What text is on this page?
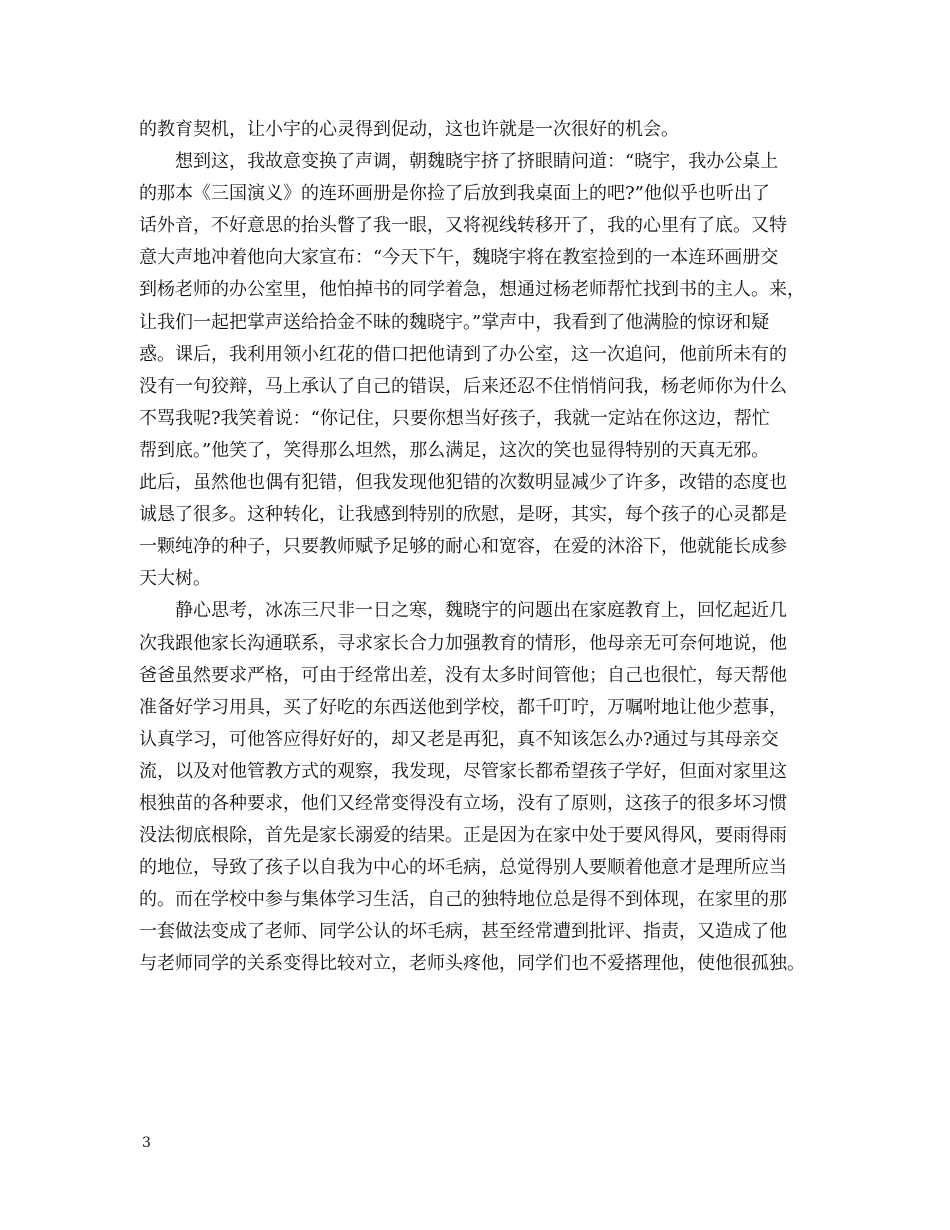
的教育契机，让小宇的心灵得到促动，这也许就是一次很好的机会。
想到这，我故意变换了声调，朝魏晓宇挤了挤眼睛问道：“晓宇，我办公桌上
的那本《三国演义》的连环画册是你捡了后放到我桌面上的吧?”他似乎也听出了
话外音，不好意思的抬头瞥了我一眼，又将视线转移开了，我的心里有了底。又特
意大声地冲着他向大家宣布：“今天下午，魏晓宇将在教室捡到的一本连环画册交
到杨老师的办公室里，他怕掉书的同学着急，想通过杨老师帮忙找到书的主人。来，
让我们一起把掌声送给拾金不昧的魏晓宇。”掌声中，我看到了他满脸的惊讶和疑
惑。课后，我利用领小红花的借口把他请到了办公室，这一次追问，他前所未有的
没有一句狡辩，马上承认了自己的错误，后来还忍不住悄悄问我，杨老师你为什么
不骂我呢?我笑着说：“你记住，只要你想当好孩子，我就一定站在你这边，帮忙
帮到底。”他笑了，笑得那么坦然，那么满足，这次的笑也显得特别的天真无邪。
此后，虽然他也偶有犯错，但我发现他犯错的次数明显减少了许多，改错的态度也
诚恳了很多。这种转化，让我感到特别的欣慰，是呀，其实，每个孩子的心灵都是
一颗纯净的种子，只要教师赋予足够的耐心和宽容，在爱的沐浴下，他就能长成参
天大树。
静心思考，冰冻三尺非一日之寒，魏晓宇的问题出在家庭教育上，回忆起近几
次我跟他家长沟通联系，寻求家长合力加强教育的情形，他母亲无可奈何地说，他
爸爸虽然要求严格，可由于经常出差，没有太多时间管他；自己也很忙，每天帮他
准备好学习用具，买了好吃的东西送他到学校，都千叮咛，万嘱咐地让他少惹事，
认真学习，可他答应得好好的，却又老是再犯，真不知该怎么办?通过与其母亲交
流，以及对他管教方式的观察，我发现，尽管家长都希望孩子学好，但面对家里这
根独苗的各种要求，他们又经常变得没有立场，没有了原则，这孩子的很多坏习惯
没法彻底根除，首先是家长溺爱的结果。正是因为在家中处于要风得风，要雨得雨
的地位，导致了孩子以自我为中心的坏毛病，总觉得别人要顺着他意才是理所应当
的。而在学校中参与集体学习生活，自己的独特地位总是得不到体现，在家里的那
一套做法变成了老师、同学公认的坏毛病，甚至经常遭到批评、指责，又造成了他
与老师同学的关系变得比较对立，老师头疼他，同学们也不爱搭理他，使他很孤独。
3
